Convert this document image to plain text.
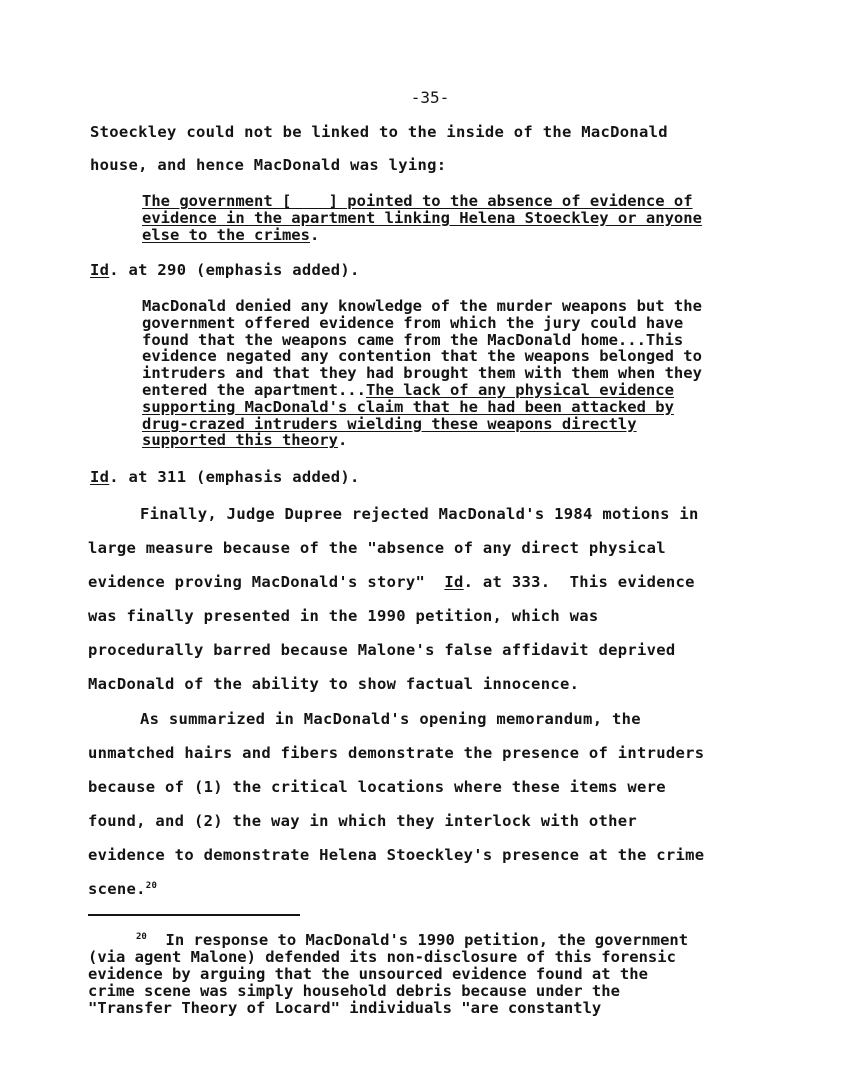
-35-
Stoeckley could not be linked to the inside of the MacDonald
house, and hence MacDonald was lying:
The government [    ] pointed to the absence of evidence of
evidence in the apartment linking Helena Stoeckley or anyone
else to the crimes.
Id. at 290 (emphasis added).
MacDonald denied any knowledge of the murder weapons but the
government offered evidence from which the jury could have
found that the weapons came from the MacDonald home...This
evidence negated any contention that the weapons belonged to
intruders and that they had brought them with them when they
entered the apartment...The lack of any physical evidence
supporting MacDonald's claim that he had been attacked by
drug-crazed intruders wielding these weapons directly
supported this theory.
Id. at 311 (emphasis added).
Finally, Judge Dupree rejected MacDonald's 1984 motions in
large measure because of the "absence of any direct physical
evidence proving MacDonald's story"  Id. at 333.  This evidence
was finally presented in the 1990 petition, which was
procedurally barred because Malone's false affidavit deprived
MacDonald of the ability to show factual innocence.
As summarized in MacDonald's opening memorandum, the
unmatched hairs and fibers demonstrate the presence of intruders
because of (1) the critical locations where these items were
found, and (2) the way in which they interlock with other
evidence to demonstrate Helena Stoeckley's presence at the crime
scene.$^{20}$
$^{20}$  In response to MacDonald's 1990 petition, the government
(via agent Malone) defended its non-disclosure of this forensic
evidence by arguing that the unsourced evidence found at the
crime scene was simply household debris because under the
"Transfer Theory of Locard" individuals "are constantly
